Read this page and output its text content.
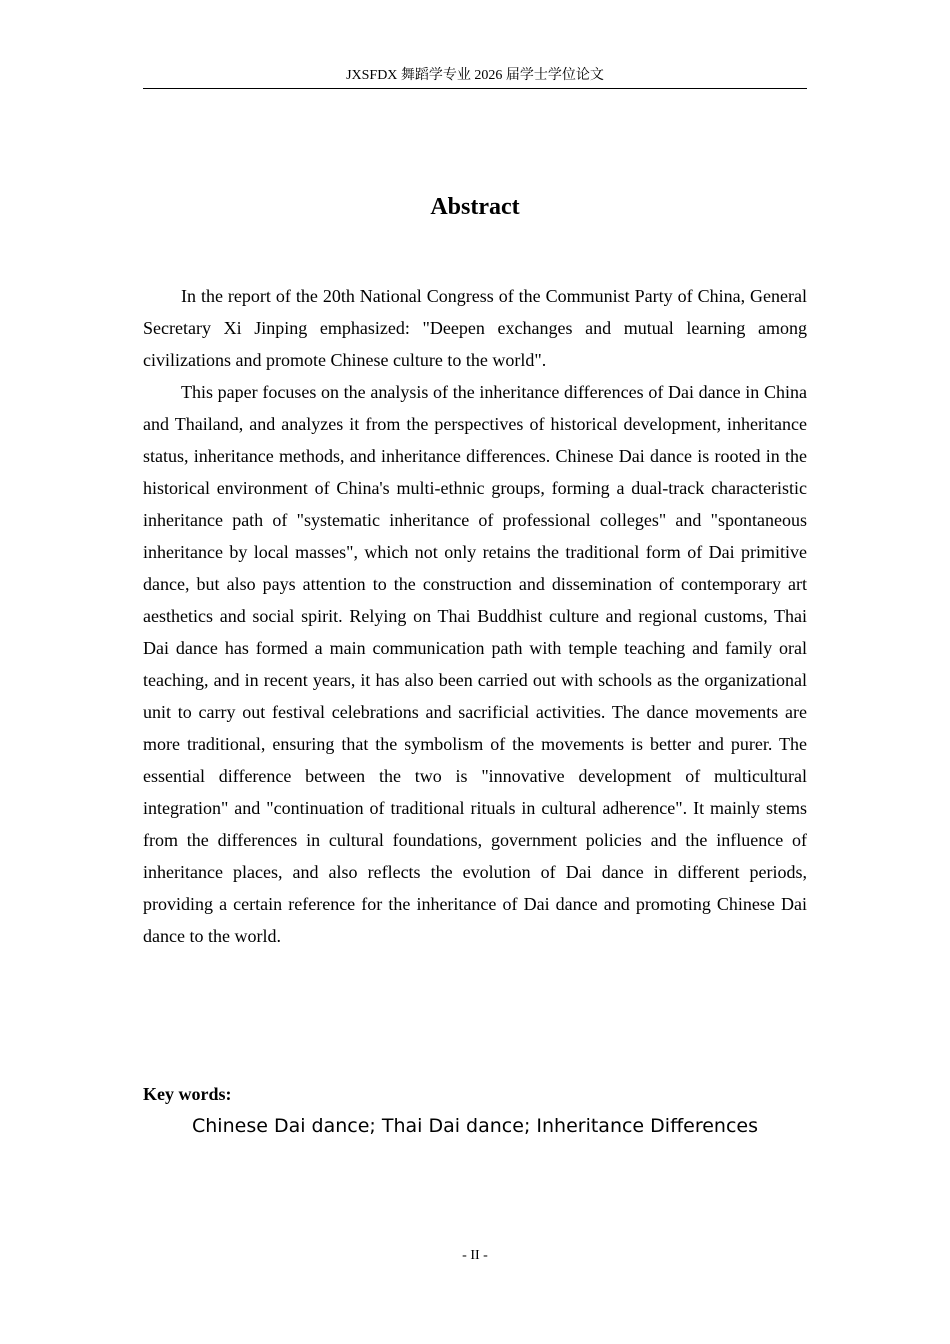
JXSFDX 舞蹈学专业 2026 届学士学位论文
Abstract

In the report of the 20th National Congress of the Communist Party of China, General Secretary Xi Jinping emphasized: "Deepen exchanges and mutual learning among civilizations and promote Chinese culture to the world".

This paper focuses on the analysis of the inheritance differences of Dai dance in China and Thailand, and analyzes it from the perspectives of historical development, inheritance status, inheritance methods, and inheritance differences. Chinese Dai dance is rooted in the historical environment of China's multi-ethnic groups, forming a dual-track characteristic inheritance path of "systematic inheritance of professional colleges" and "spontaneous inheritance by local masses", which not only retains the traditional form of Dai primitive dance, but also pays attention to the construction and dissemination of contemporary art aesthetics and social spirit. Relying on Thai Buddhist culture and regional customs, Thai Dai dance has formed a main communication path with temple teaching and family oral teaching, and in recent years, it has also been carried out with schools as the organizational unit to carry out festival celebrations and sacrificial activities. The dance movements are more traditional, ensuring that the symbolism of the movements is better and purer. The essential difference between the two is "innovative development of multicultural integration" and "continuation of traditional rituals in cultural adherence". It mainly stems from the differences in cultural foundations, government policies and the influence of inheritance places, and also reflects the evolution of Dai dance in different periods, providing a certain reference for the inheritance of Dai dance and promoting Chinese Dai dance to the world.

Key words:
Chinese Dai dance; Thai Dai dance; Inheritance Differences
- II -
